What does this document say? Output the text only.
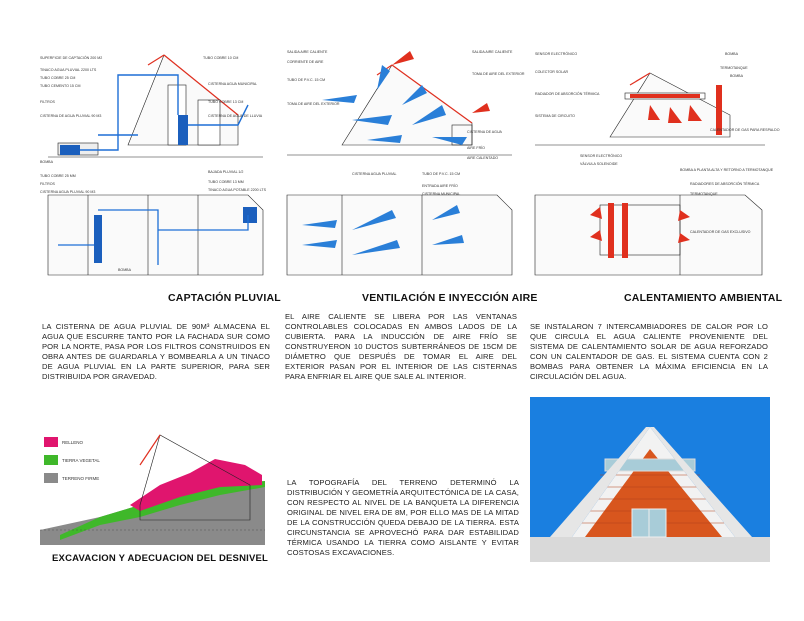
SUPERFICIE DE CAPTACIÓN 200 M2
TINACO AGUA PLUVIAL 2200 LTS
TUBO COBRE 25 CM
TUBO CEMENTO 15 CM
FILTROS
CISTERNA DE AGUA PLUVIAL 90 M3
BOMBA
TUBO COBRE 10 CM
CISTERNA AGUA MUNICIPAL
TUBO COBRE 13 CM
CISTERNA DE AGUA DE LLUVIA
TUBO COBRE 25 MM
FILTROS
CISTERNA AGUA PLUVIAL 90 M3
BAJADA PLUVIAL 1/2
TUBO COBRE 13 MM
TINACO AGUA POTABLE 2200 LTS
BOMBA
CAPTACIÓN PLUVIAL
LA CISTERNA DE AGUA PLUVIAL DE 90M³ ALMACENA EL AGUA QUE ESCURRE TANTO POR LA FACHADA SUR COMO POR LA NORTE, PASA POR LOS FILTROS CONSTRUIDOS EN OBRA ANTES DE GUARDARLA Y BOMBEARLA A UN TINACO DE AGUA PLUVIAL EN LA PARTE SUPERIOR, PARA SER DISTRIBUIDA POR GRAVEDAD.
SALIDA AIRE CALIENTE
CORRIENTE DE AIRE
TUBO DE P.V.C. 15 CM
TOMA DE AIRE DEL EXTERIOR
SALIDA AIRE CALIENTE
TOMA DE AIRE DEL EXTERIOR
CISTERNA DE AGUA
AIRE FRÍO
AIRE CALENTADO
CISTERNA AGUA PLUVIAL	TUBO DE P.V.C. 15 CM
ENTRADA AIRE FRÍO
CISTERNA MUNICIPAL
VENTILACIÓN E INYECCIÓN AIRE
EL AIRE CALIENTE SE LIBERA POR LAS VENTANAS CONTROLABLES COLOCADAS EN AMBOS LADOS DE LA CUBIERTA. PARA LA INDUCCIÓN DE AIRE FRÍO SE CONSTRUYERON 10 DUCTOS SUBTERRÁNEOS DE 15CM DE DIÁMETRO QUE DESPUÉS DE TOMAR EL AIRE DEL EXTERIOR PASAN POR EL INTERIOR DE LAS CISTERNAS PARA ENFRIAR EL AIRE QUE SALE AL INTERIOR.
SENSOR ELECTRÓNICO
COLECTOR SOLAR
RADIADOR DE ABSORCIÓN TÉRMICA
SISTEMA DE CIRCUITO
BOMBA
TERMOTANQUE
BOMBA
CALENTADOR DE GAS PARA RESPALDO
SENSOR ELECTRÓNICO
VÁLVULA SOLENOIDE
BOMBA A PLANTA ALTA Y RETORNO A TERMOTANQUE
RADIADORES DE ABSORCIÓN TÉRMICA
TERMOTANQUE
CALENTADOR DE GAS EXCLUSIVO
CALENTAMIENTO AMBIENTAL
SE INSTALARON 7 INTERCAMBIADORES DE CALOR POR LO QUE CIRCULA EL AGUA CALIENTE PROVENIENTE DEL SISTEMA DE CALENTAMIENTO SOLAR DE AGUA REFORZADO CON UN CALENTADOR DE GAS. EL SISTEMA CUENTA CON 2 BOMBAS PARA OBTENER LA MÁXIMA EFICIENCIA EN LA CIRCULACIÓN DEL AGUA.
RELLENO
TIERRA VEGETAL
TERRENO FIRME
EXCAVACION Y ADECUACION DEL DESNIVEL
LA TOPOGRAFÍA DEL TERRENO DETERMINÓ LA DISTRIBUCIÓN Y GEOMETRÍA ARQUITECTÓNICA DE LA CASA, CON RESPECTO AL NIVEL DE LA BANQUETA LA DIFERENCIA ORIGINAL DE NIVEL ERA DE 8M, POR ELLO MAS DE LA MITAD DE LA CONSTRUCCIÓN QUEDA DEBAJO DE LA TIERRA. ESTA CIRCUNSTANCIA SE APROVECHÓ PARA DAR ESTABILIDAD TÉRMICA USANDO LA TIERRA COMO AISLANTE Y EVITAR COSTOSAS EXCAVACIONES.
